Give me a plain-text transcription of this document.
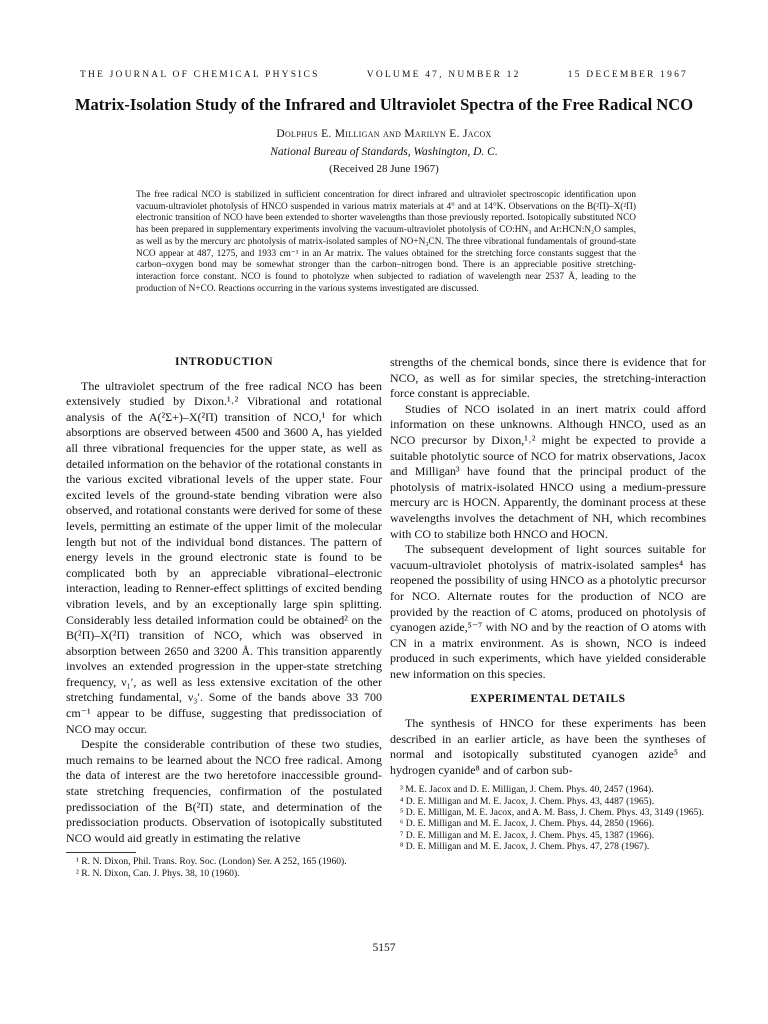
THE JOURNAL OF CHEMICAL PHYSICS	VOLUME 47, NUMBER 12	15 DECEMBER 1967
Matrix-Isolation Study of the Infrared and Ultraviolet Spectra of the Free Radical NCO
Dolphus E. Milligan and Marilyn E. Jacox
National Bureau of Standards, Washington, D. C.
(Received 28 June 1967)
The free radical NCO is stabilized in sufficient concentration for direct infrared and ultraviolet spectroscopic identification upon vacuum-ultraviolet photolysis of HNCO suspended in various matrix materials at 4° and at 14°K. Observations on the B(²Π)–X(²Π) electronic transition of NCO have been extended to shorter wavelengths than those previously reported. Isotopically substituted NCO has been prepared in supplementary experiments involving the vacuum-ultraviolet photolysis of CO:HN₃ and Ar:HCN:N₂O samples, as well as by the mercury arc photolysis of matrix-isolated samples of NO+N₃CN. The three vibrational fundamentals of ground-state NCO appear at 487, 1275, and 1933 cm⁻¹ in an Ar matrix. The values obtained for the stretching force constants suggest that the carbon–oxygen bond may be somewhat stronger than the carbon–nitrogen bond. There is an appreciable positive stretching-interaction force constant. NCO is found to photolyze when subjected to radiation of wavelength near 2537 Å, leading to the production of N+CO. Reactions occurring in the various systems investigated are discussed.
INTRODUCTION

The ultraviolet spectrum of the free radical NCO has been extensively studied by Dixon.¹˒² Vibrational and rotational analysis of the A(²Σ+)–X(²Π) transition of NCO,¹ for which absorptions are observed between 4500 and 3600 A, has yielded all three vibrational frequencies for the upper state, as well as detailed information on the behavior of the rotational constants in the various excited vibrational levels of the upper state. Four excited levels of the ground-state bending vibration were also observed, and rotational constants were derived for some of these levels, permitting an estimate of the upper limit of the molecular length but not of the individual bond distances. The pattern of energy levels in the ground electronic state is found to be complicated both by an appreciable vibrational–electronic interaction, leading to Renner-effect splittings of excited bending vibration levels, and by an exceptionally large spin splitting. Considerably less detailed information could be obtained² on the B(²Π)–X(²Π) transition of NCO, which was observed in absorption between 2650 and 3200 Å. This transition apparently involves an extended progression in the upper-state stretching frequency, ν₁′, as well as less extensive excitation of the other stretching fundamental, ν₃′. Some of the bands above 33 700 cm⁻¹ appear to be diffuse, suggesting that predissociation of NCO may occur.

Despite the considerable contribution of these two studies, much remains to be learned about the NCO free radical. Among the data of interest are the two heretofore inaccessible ground-state stretching frequencies, confirmation of the postulated predissociation of the B(²Π) state, and determination of the predissociation products. Observation of isotopically substituted NCO would aid greatly in estimating the relative

¹ R. N. Dixon, Phil. Trans. Roy. Soc. (London) Ser. A 252, 165 (1960).

² R. N. Dixon, Can. J. Phys. 38, 10 (1960).

strengths of the chemical bonds, since there is evidence that for NCO, as well as for similar species, the stretching-interaction force constant is appreciable.

Studies of NCO isolated in an inert matrix could afford information on these unknowns. Although HNCO, used as an NCO precursor by Dixon,¹˒² might be expected to provide a suitable photolytic source of NCO for matrix observations, Jacox and Milligan³ have found that the principal product of the photolysis of matrix-isolated HNCO using a medium-pressure mercury arc is HOCN. Apparently, the dominant process at these wavelengths involves the detachment of NH, which recombines with CO to stabilize both HNCO and HOCN.

The subsequent development of light sources suitable for vacuum-ultraviolet photolysis of matrix-isolated samples⁴ has reopened the possibility of using HNCO as a photolytic precursor for NCO. Alternate routes for the production of NCO are provided by the reaction of C atoms, produced on photolysis of cyanogen azide,⁵⁻⁷ with NO and by the reaction of O atoms with CN in a matrix environment. As is shown, NCO is indeed produced in such experiments, which have yielded considerable new information on this species.

EXPERIMENTAL DETAILS

The synthesis of HNCO for these experiments has been described in an earlier article, as have been the syntheses of normal and isotopically substituted cyanogen azide⁵ and hydrogen cyanide⁸ and of carbon sub-

³ M. E. Jacox and D. E. Milligan, J. Chem. Phys. 40, 2457 (1964).

⁴ D. E. Milligan and M. E. Jacox, J. Chem. Phys. 43, 4487 (1965).

⁵ D. E. Milligan, M. E. Jacox, and A. M. Bass, J. Chem. Phys. 43, 3149 (1965).

⁶ D. E. Milligan and M. E. Jacox, J. Chem. Phys. 44, 2850 (1966).

⁷ D. E. Milligan and M. E. Jacox, J. Chem. Phys. 45, 1387 (1966).

⁸ D. E. Milligan and M. E. Jacox, J. Chem. Phys. 47, 278 (1967).

5157
